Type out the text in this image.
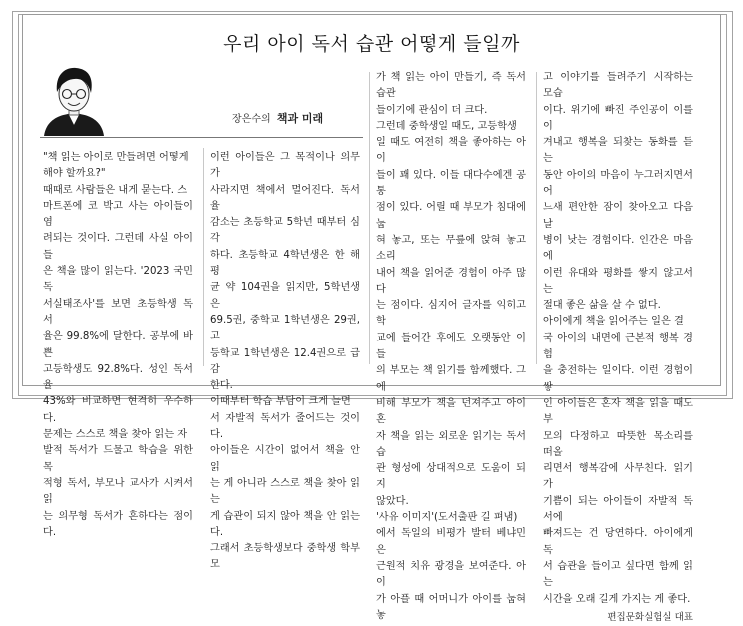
우리 아이 독서 습관 어떻게 들일까
장은수의 책과 미래

"책 읽는 아이로 만들려면 어떻게
해야 할까요?"

때때로 사람들은 내게 묻는다. 스
마트폰에 코 박고 사는 아이들이 염
려되는 것이다. 그런데 사실 아이들
은 책을 많이 읽는다. '2023 국민독
서실태조사'를 보면 초등학생 독서
율은 99.8%에 달한다. 공부에 바쁜
고등학생도 92.8%다. 성인 독서율
43%와 비교하면 현격히 우수하다.

문제는 스스로 책을 찾아 읽는 자
발적 독서가 드물고 학습을 위한 목
적형 독서, 부모나 교사가 시켜서 읽
는 의무형 독서가 흔하다는 점이다.

이런 아이들은 그 목적이나 의무가
사라지면 책에서 멀어진다. 독서율
감소는 초등학교 5학년 때부터 심각
하다. 초등학교 4학년생은 한 해 평
균 약 104권을 읽지만, 5학년생은
69.5권, 중학교 1학년생은 29권, 고
등학교 1학년생은 12.4권으로 급감
한다.

이때부터 학습 부담이 크게 늘면
서 자발적 독서가 줄어드는 것이다.
아이들은 시간이 없어서 책을 안 읽
는 게 아니라 스스로 책을 찾아 읽는
게 습관이 되지 않아 책을 안 읽는다.
그래서 초등학생보다 중학생 학부모

가 책 읽는 아이 만들기, 즉 독서 습관
들이기에 관심이 더 크다.

그런데 중학생일 때도, 고등학생
일 때도 여전히 책을 좋아하는 아이
들이 꽤 있다. 이들 대다수에겐 공통
점이 있다. 어릴 때 부모가 침대에 눕
혀 놓고, 또는 무릎에 앉혀 놓고 소리
내어 책을 읽어준 경험이 아주 많다
는 점이다. 심지어 글자를 익히고 학
교에 들어간 후에도 오랫동안 이들
의 부모는 책 읽기를 함께했다. 그에
비해 부모가 책을 던져주고 아이 혼
자 책을 읽는 외로운 읽기는 독서 습
관 형성에 상대적으로 도움이 되지
않았다.

'사유 이미지'(도서출판 길 펴냄)
에서 독일의 비평가 발터 베냐민은
근원적 치유 광경을 보여준다. 아이
가 아플 때 어머니가 아이를 눕혀 놓

고 이야기를 들려주기 시작하는 모습
이다. 위기에 빠진 주인공이 이를 이
겨내고 행복을 되찾는 동화를 듣는
동안 아이의 마음이 누그러지면서 어
느새 편안한 잠이 찾아오고 다음 날
병이 낫는 경험이다. 인간은 마음에
이런 유대와 평화를 쌓지 않고서는
절대 좋은 삶을 살 수 없다.

아이에게 책을 읽어주는 일은 결
국 아이의 내면에 근본적 행복 경험
을 충전하는 일이다. 이런 경험이 쌓
인 아이들은 혼자 책을 읽을 때도 부
모의 다정하고 따뜻한 목소리를 떠올
리면서 행복감에 사무친다. 읽기가
기쁨이 되는 아이들이 자발적 독서에
빠져드는 건 당연하다. 아이에게 독
서 습관을 들이고 싶다면 함께 읽는
시간을 오래 길게 가지는 게 좋다.

편집문화실험실 대표
